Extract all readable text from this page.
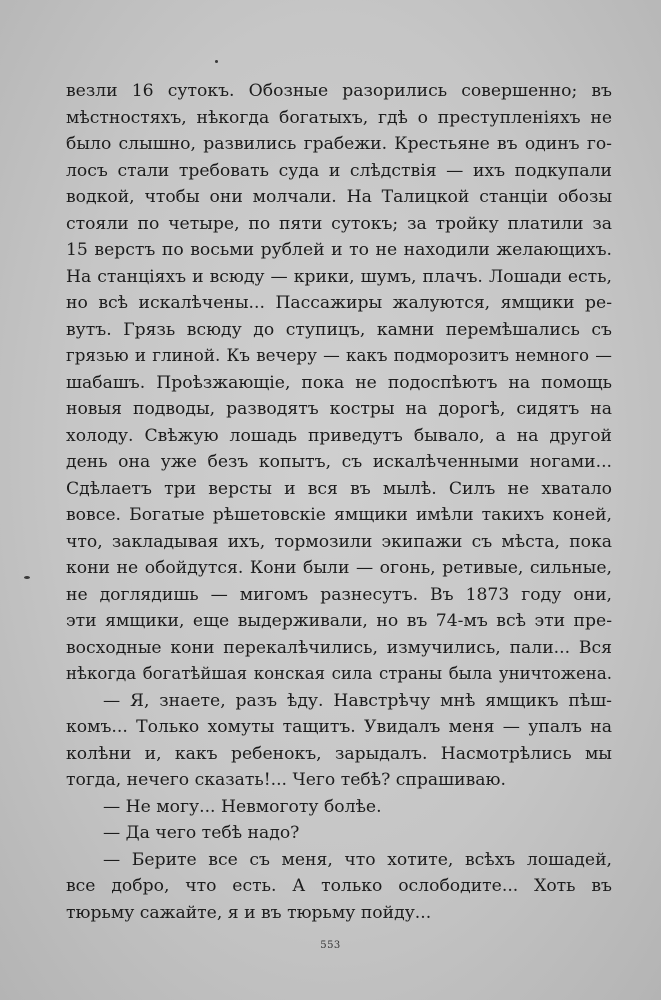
везли 16 сутокъ. Обозные разорились совершенно; въ
мѣстностяхъ, нѣкогда богатыхъ, гдѣ о преступленіяхъ не
было слышно, развились грабежи. Крестьяне въ одинъ го-
лосъ стали требовать суда и слѣдствія — ихъ подкупали
водкой, чтобы они молчали. На Талицкой станціи обозы
стояли по четыре, по пяти сутокъ; за тройку платили за
15 верстъ по восьми рублей и то не находили желающихъ.
На станціяхъ и всюду — крики, шумъ, плачъ. Лошади есть,
но всѣ искалѣчены... Пассажиры жалуются, ямщики ре-
вутъ. Грязь всюду до ступицъ, камни перемѣшались съ
грязью и глиной. Къ вечеру — какъ подморозитъ немного —
шабашъ. Проѣзжающіе, пока не подоспѣютъ на помощь
новыя подводы, разводятъ костры на дорогѣ, сидятъ на
холоду. Свѣжую лошадь приведутъ бывало, а на другой
день она уже безъ копытъ, съ искалѣченными ногами...
Сдѣлаетъ три версты и вся въ мылѣ. Силъ не хватало
вовсе. Богатые рѣшетовскіе ямщики имѣли такихъ коней,
что, закладывая ихъ, тормозили экипажи съ мѣста, пока
кони не обойдутся. Кони были — огонь, ретивые, сильные,
не доглядишь — мигомъ разнесутъ. Въ 1873 году они,
эти ямщики, еще выдерживали, но въ 74-мъ всѣ эти пре-
восходные кони перекалѣчились, измучились, пали... Вся
нѣкогда богатѣйшая конская сила страны была уничтожена.
— Я, знаете, разъ ѣду. Навстрѣчу мнѣ ямщикъ пѣш-
комъ... Только хомуты тащитъ. Увидалъ меня — упалъ на
колѣни и, какъ ребенокъ, зарыдалъ. Насмотрѣлись мы
тогда, нечего сказать!... Чего тебѣ? спрашиваю.
— Не могу... Невмоготу болѣе.
— Да чего тебѣ надо?
— Берите все съ меня, что хотите, всѣхъ лошадей,
все добро, что есть. А только ослободите... Хоть въ
тюрьму сажайте, я и въ тюрьму пойду...
553
